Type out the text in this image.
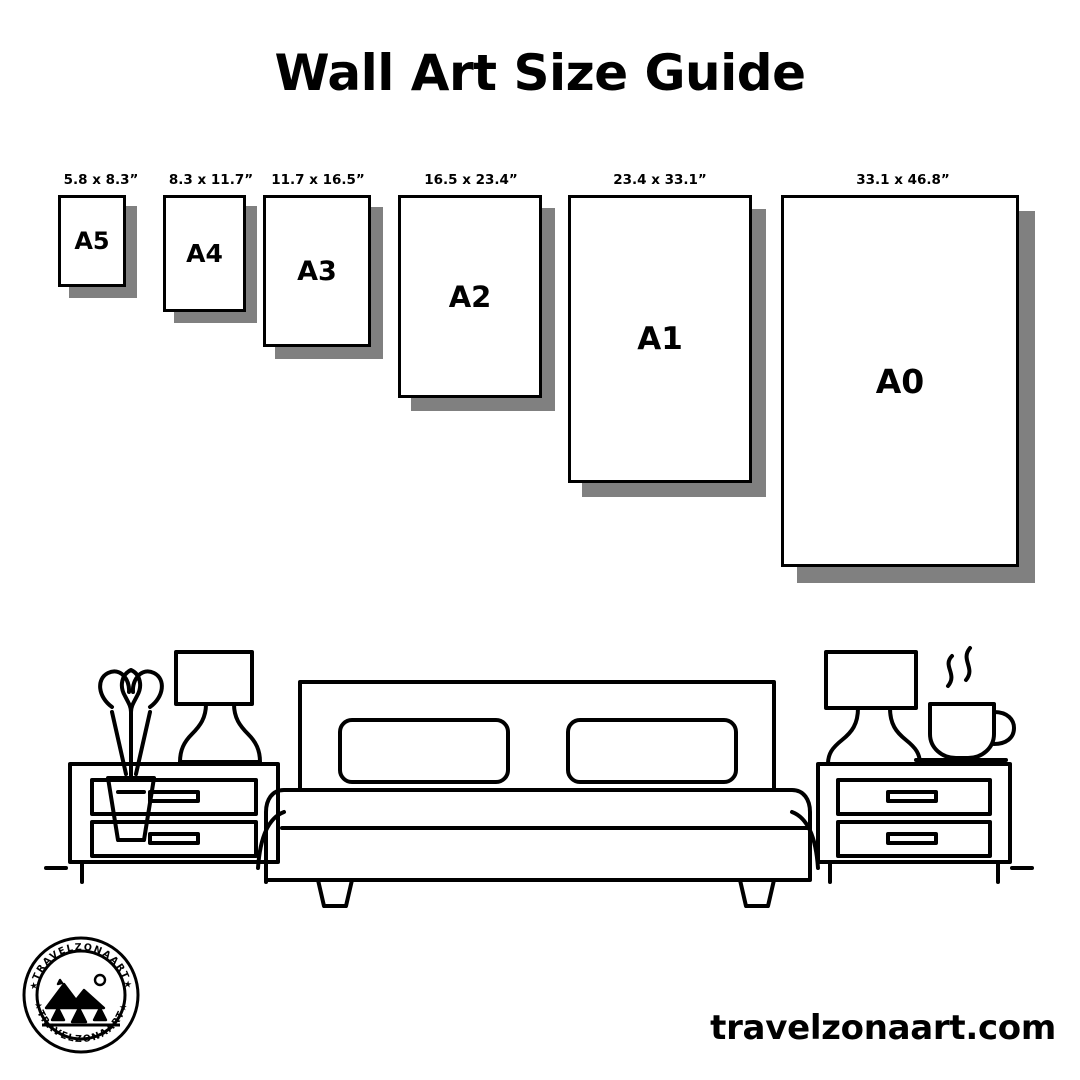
Wall Art Size Guide
5.8 x 8.3”
A5
8.3 x 11.7”
A4
11.7 x 16.5”
A3
16.5 x 23.4”
A2
23.4 x 33.1”
A1
33.1 x 46.8”
A0
★TRAVELZONAART★
★TRAVELZONAART★
travelzonaart.com
